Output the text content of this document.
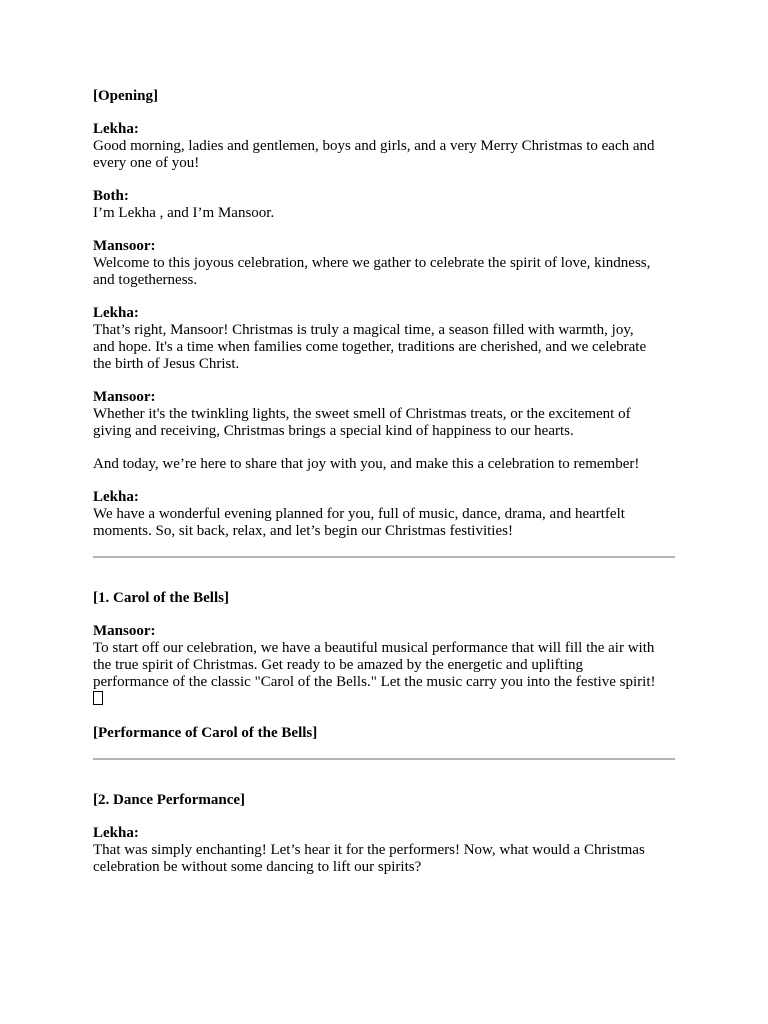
[Opening]
Lekha:
Good morning, ladies and gentlemen, boys and girls, and a very Merry Christmas to each and
every one of you!
Both:
I’m Lekha , and I’m Mansoor.
Mansoor:
Welcome to this joyous celebration, where we gather to celebrate the spirit of love, kindness,
and togetherness.
Lekha:
That’s right, Mansoor! Christmas is truly a magical time, a season filled with warmth, joy,
and hope. It's a time when families come together, traditions are cherished, and we celebrate
the birth of Jesus Christ.
Mansoor:
Whether it's the twinkling lights, the sweet smell of Christmas treats, or the excitement of
giving and receiving, Christmas brings a special kind of happiness to our hearts.
And today, we’re here to share that joy with you, and make this a celebration to remember!
Lekha:
We have a wonderful evening planned for you, full of music, dance, drama, and heartfelt
moments. So, sit back, relax, and let’s begin our Christmas festivities!
[1. Carol of the Bells]
Mansoor:
To start off our celebration, we have a beautiful musical performance that will fill the air with
the true spirit of Christmas. Get ready to be amazed by the energetic and uplifting
performance of the classic "Carol of the Bells." Let the music carry you into the festive spirit!
[Performance of Carol of the Bells]
[2. Dance Performance]
Lekha:
That was simply enchanting! Let’s hear it for the performers! Now, what would a Christmas
celebration be without some dancing to lift our spirits?
